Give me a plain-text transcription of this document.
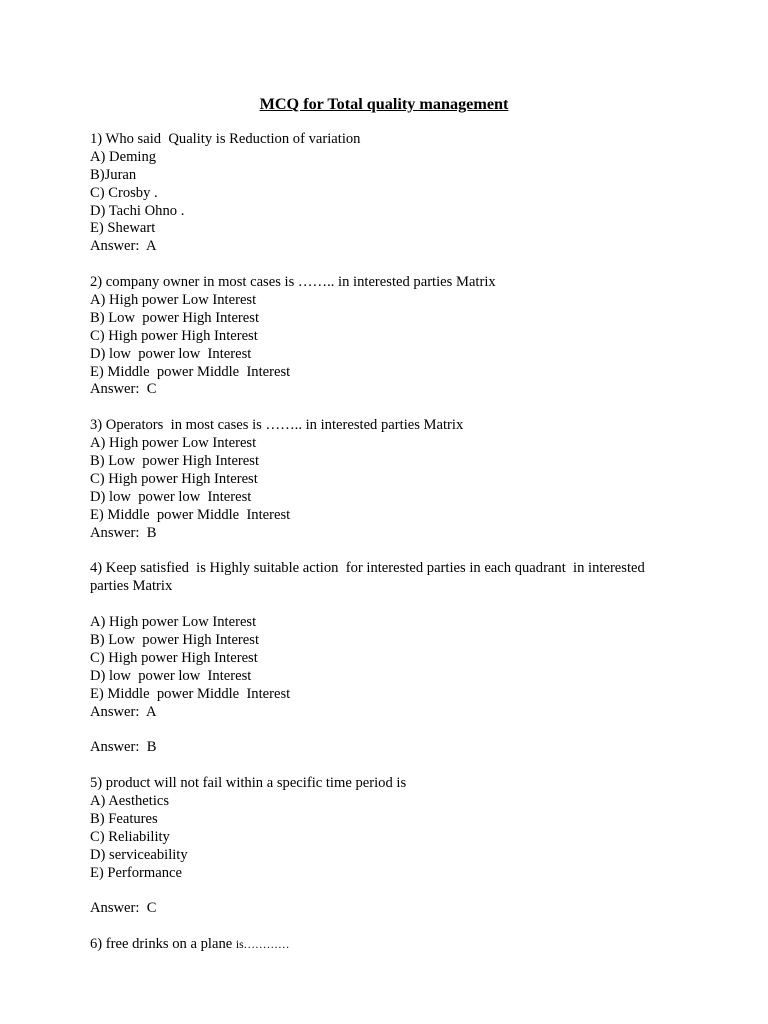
MCQ for Total quality management
1) Who said  Quality is Reduction of variation
A) Deming
B)Juran
C) Crosby .
D) Tachi Ohno .
E) Shewart
Answer:  A
2) company owner in most cases is …….. in interested parties Matrix
A) High power Low Interest
B) Low  power High Interest
C) High power High Interest
D) low  power low  Interest
E) Middle  power Middle  Interest
Answer:  C
3) Operators  in most cases is …….. in interested parties Matrix
A) High power Low Interest
B) Low  power High Interest
C) High power High Interest
D) low  power low  Interest
E) Middle  power Middle  Interest
Answer:  B
4) Keep satisfied  is Highly suitable action  for interested parties in each quadrant  in interested
parties Matrix
A) High power Low Interest
B) Low  power High Interest
C) High power High Interest
D) low  power low  Interest
E) Middle  power Middle  Interest
Answer:  A
Answer:  B
5) product will not fail within a specific time period is
A) Aesthetics
B) Features
C) Reliability
D) serviceability
E) Performance
Answer:  C
6) free drinks on a plane is…………
